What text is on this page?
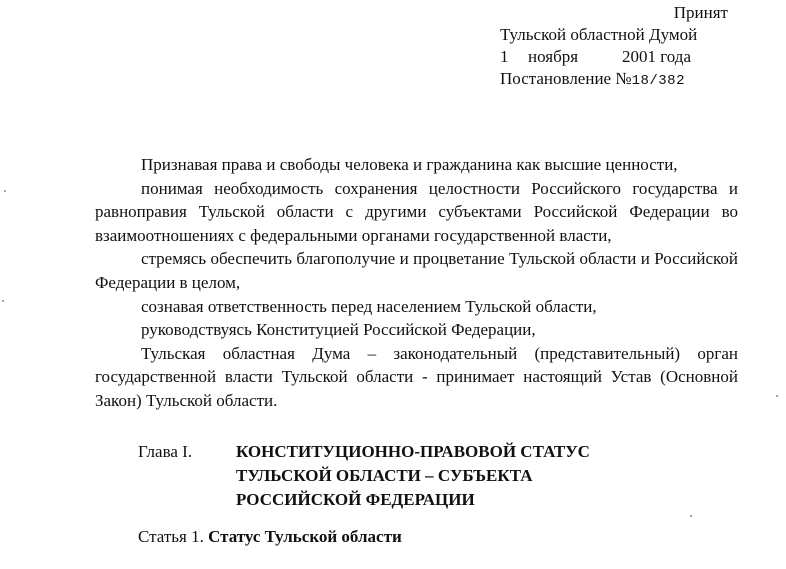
Принят
Тульской областной Думой
1	ноября	2001 года
Постановление №18/382

Признавая права и свободы человека и гражданина как высшие ценности,

понимая необходимость сохранения целостности Российского государства и равноправия Тульской области с другими субъектами Российской Федерации во взаимоотношениях с федеральными органами государственной власти,

стремясь обеспечить благополучие и процветание Тульской области и Российской Федерации в целом,

сознавая ответственность перед населением Тульской области,

руководствуясь Конституцией Российской Федерации,

Тульская областная Дума – законодательный (представительный) орган государственной власти Тульской области - принимает настоящий Устав (Основной Закон) Тульской области.

Глава I.	КОНСТИТУЦИОННО-ПРАВОВОЙ СТАТУС
ТУЛЬСКОЙ ОБЛАСТИ – СУБЪЕКТА
РОССИЙСКОЙ ФЕДЕРАЦИИ
Статья 1. Статус Тульской области
